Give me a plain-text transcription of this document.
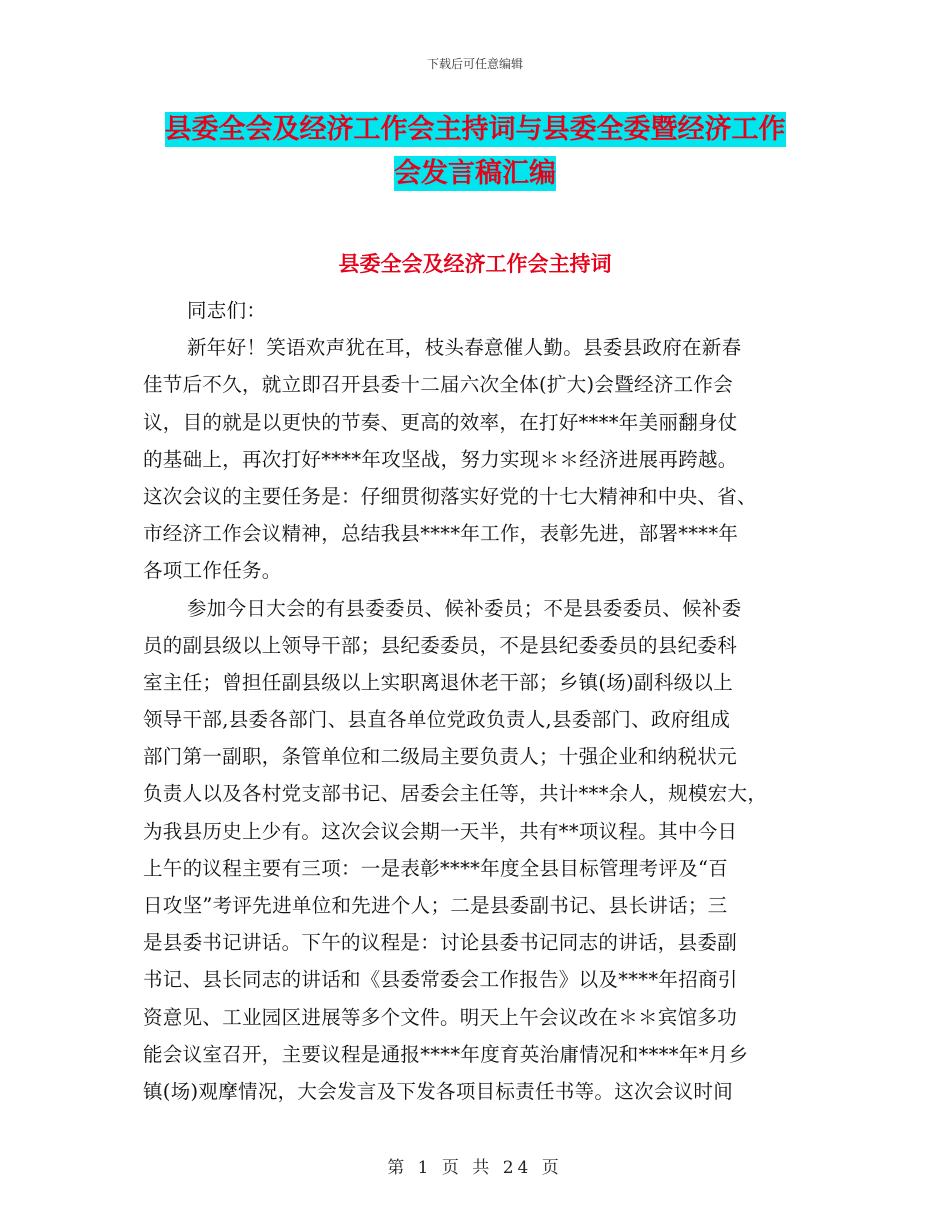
下载后可任意编辑
县委全会及经济工作会主持词与县委全委暨经济工作
会发言稿汇编
县委全会及经济工作会主持词
同志们：
新年好！笑语欢声犹在耳，枝头春意催人勤。县委县政府在新春
佳节后不久，就立即召开县委十二届六次全体(扩大)会暨经济工作会
议，目的就是以更快的节奏、更高的效率，在打好****年美丽翻身仗
的基础上，再次打好****年攻坚战，努力实现＊＊经济进展再跨越。
这次会议的主要任务是：仔细贯彻落实好党的十七大精神和中央、省、
市经济工作会议精神，总结我县****年工作，表彰先进，部署****年
各项工作任务。
参加今日大会的有县委委员、候补委员；不是县委委员、候补委
员的副县级以上领导干部；县纪委委员，不是县纪委委员的县纪委科
室主任；曾担任副县级以上实职离退休老干部；乡镇(场)副科级以上
领导干部,县委各部门、县直各单位党政负责人,县委部门、政府组成
部门第一副职，条管单位和二级局主要负责人；十强企业和纳税状元
负责人以及各村党支部书记、居委会主任等，共计***余人，规模宏大，
为我县历史上少有。这次会议会期一天半，共有**项议程。其中今日
上午的议程主要有三项：一是表彰****年度全县目标管理考评及“百
日攻坚”考评先进单位和先进个人；二是县委副书记、县长讲话；三
是县委书记讲话。下午的议程是：讨论县委书记同志的讲话，县委副
书记、县长同志的讲话和《县委常委会工作报告》以及****年招商引
资意见、工业园区进展等多个文件。明天上午会议改在＊＊宾馆多功
能会议室召开，主要议程是通报****年度育英治庸情况和****年*月乡
镇(场)观摩情况，大会发言及下发各项目标责任书等。这次会议时间
第 1 页 共 24 页
